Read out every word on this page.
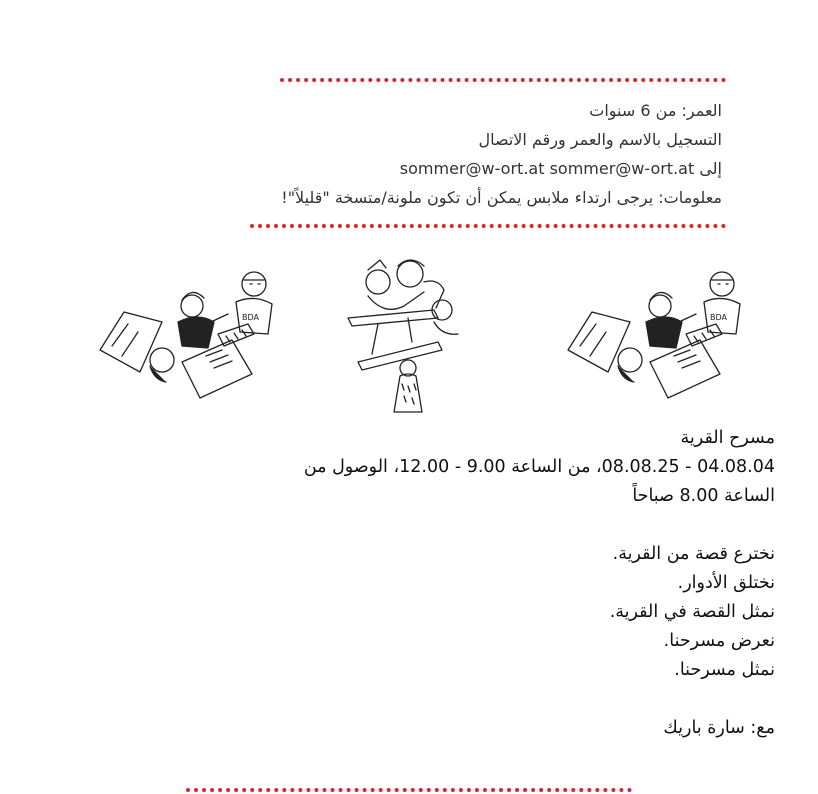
العمر: من 6 سنوات
التسجيل بالاسم والعمر ورقم الاتصال
إلى sommer@w-ort.at sommer@w-ort.at
معلومات: يرجى ارتداء ملابس يمكن أن تكون ملونة/متسخة "قليلاً"!
BDA	BDA
مسرح القرية
04.08.04 - 08.08.25، من الساعة 9.00 - 12.00، الوصول من
الساعة 8.00 صباحاً
نخترع قصة من القرية.
نختلق الأدوار.
نمثل القصة في القرية.
نعرض مسرحنا.
نمثل مسرحنا.
مع: سارة باريك
